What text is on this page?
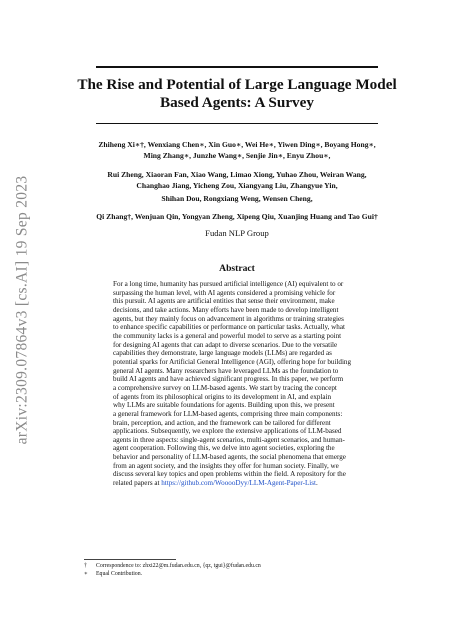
arXiv:2309.07864v3 [cs.AI] 19 Sep 2023
The Rise and Potential of Large Language Model
Based Agents: A Survey
Zhiheng Xi∗†, Wenxiang Chen∗, Xin Guo∗, Wei He∗, Yiwen Ding∗, Boyang Hong∗,
Ming Zhang∗, Junzhe Wang∗, Senjie Jin∗, Enyu Zhou∗,
Rui Zheng, Xiaoran Fan, Xiao Wang, Limao Xiong, Yuhao Zhou, Weiran Wang,
Changhao Jiang, Yicheng Zou, Xiangyang Liu, Zhangyue Yin,
Shihan Dou, Rongxiang Weng, Wensen Cheng,
Qi Zhang†, Wenjuan Qin, Yongyan Zheng, Xipeng Qiu, Xuanjing Huang and Tao Gui†
Fudan NLP Group
Abstract
For a long time, humanity has pursued artificial intelligence (AI) equivalent to or
surpassing the human level, with AI agents considered a promising vehicle for
this pursuit. AI agents are artificial entities that sense their environment, make
decisions, and take actions. Many efforts have been made to develop intelligent
agents, but they mainly focus on advancement in algorithms or training strategies
to enhance specific capabilities or performance on particular tasks. Actually, what
the community lacks is a general and powerful model to serve as a starting point
for designing AI agents that can adapt to diverse scenarios. Due to the versatile
capabilities they demonstrate, large language models (LLMs) are regarded as
potential sparks for Artificial General Intelligence (AGI), offering hope for building
general AI agents. Many researchers have leveraged LLMs as the foundation to
build AI agents and have achieved significant progress. In this paper, we perform
a comprehensive survey on LLM-based agents. We start by tracing the concept
of agents from its philosophical origins to its development in AI, and explain
why LLMs are suitable foundations for agents. Building upon this, we present
a general framework for LLM-based agents, comprising three main components:
brain, perception, and action, and the framework can be tailored for different
applications. Subsequently, we explore the extensive applications of LLM-based
agents in three aspects: single-agent scenarios, multi-agent scenarios, and human-
agent cooperation. Following this, we delve into agent societies, exploring the
behavior and personality of LLM-based agents, the social phenomena that emerge
from an agent society, and the insights they offer for human society. Finally, we
discuss several key topics and open problems within the field. A repository for the
related papers at https://github.com/WooooDyy/LLM-Agent-Paper-List.
† Correspondence to: zhxi22@m.fudan.edu.cn, {qz, tgui}@fudan.edu.cn
∗ Equal Contribution.
